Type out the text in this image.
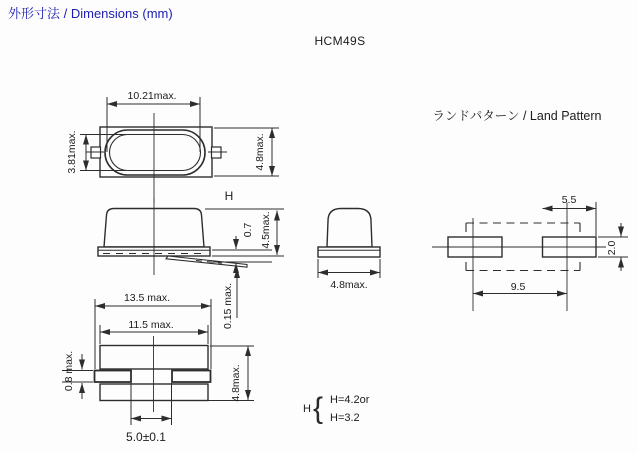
外形寸法 / Dimensions (mm)
HCM49S
ランドパターン / Land Pattern
10.21max.
3.81max.	4.8max.
H
0.7 4.5max.
0.15 max.	4.8max.
13.5 max.
11.5 max.
0.8 max.	4.8max.
5.0±0.1
5.5
2.0
9.5
H { H=4.2or
H=3.2
